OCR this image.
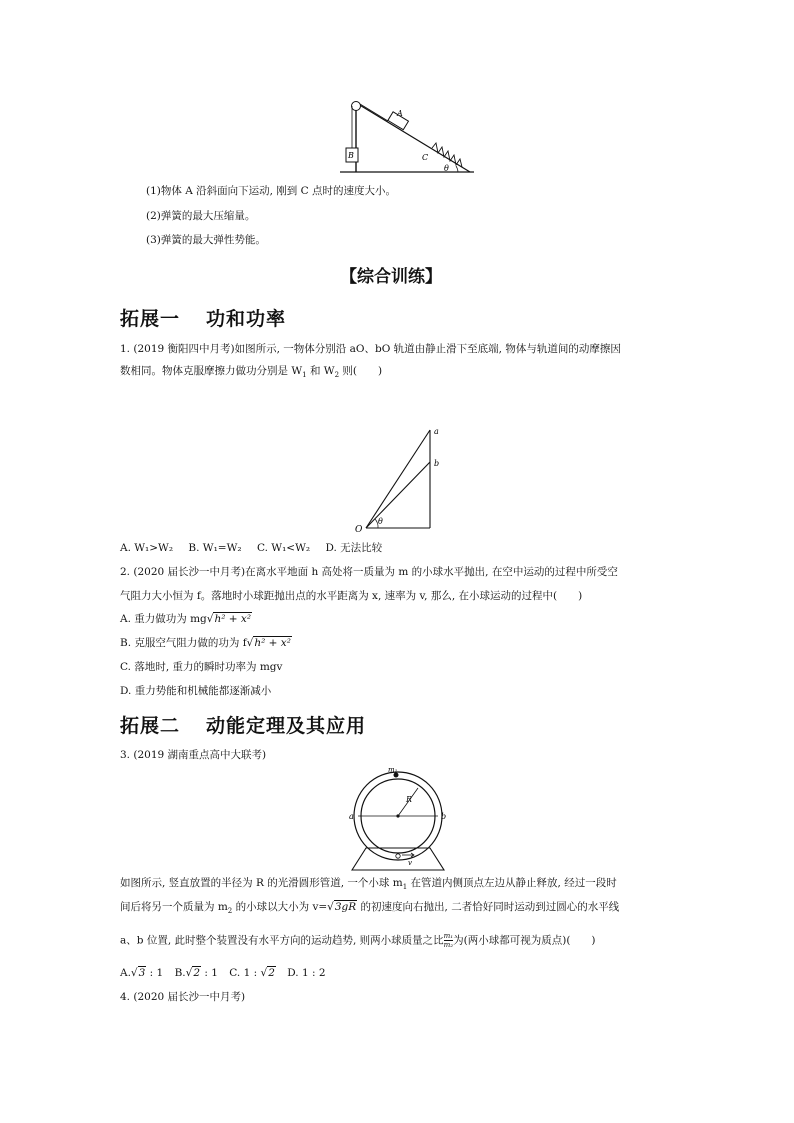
B
A
C
θ
(1)物体 A 沿斜面向下运动, 刚到 C 点时的速度大小。
(2)弹簧的最大压缩量。
(3)弹簧的最大弹性势能。
【综合训练】
拓展一 功和功率
1. (2019 衡阳四中月考)如图所示, 一物体分别沿 aO、bO 轨道由静止滑下至底端, 物体与轨道间的动摩擦因
数相同。物体克服摩擦力做功分别是 $W_1$ 和 $W_2$ 则(　　)
a
b
O
θ
A. W₁>W₂ B. W₁=W₂ C. W₁<W₂ D. 无法比较
2. (2020 届长沙一中月考)在离水平地面 h 高处将一质量为 m 的小球水平抛出, 在空中运动的过程中所受空
气阻力大小恒为 f。落地时小球距抛出点的水平距离为 x, 速率为 v, 那么, 在小球运动的过程中(　　)
A. 重力做功为 mg√h² + x²
B. 克服空气阻力做的功为 f√h² + x²
C. 落地时, 重力的瞬时功率为 mgv
D. 重力势能和机械能都逐渐减小
拓展二 动能定理及其应用
3. (2019 湖南重点高中大联考)
m₁
R
a	b
v
如图所示, 竖直放置的半径为 R 的光滑圆形管道, 一个小球 $m_1$ 在管道内侧顶点左边从静止释放, 经过一段时
间后将另一个质量为 $m_2$ 的小球以大小为 v=√3gR 的初速度向右抛出, 二者恰好同时运动到过圆心的水平线
a、b 位置, 此时整个装置没有水平方向的运动趋势, 则两小球质量之比 $\frac{\text{m₁}}{\text{m₂}}$ 为(两小球都可视为质点)(　　)
A.√3 : 1 B.√2 : 1 C. 1 : √2 D. 1 : 2
4. (2020 届长沙一中月考)
